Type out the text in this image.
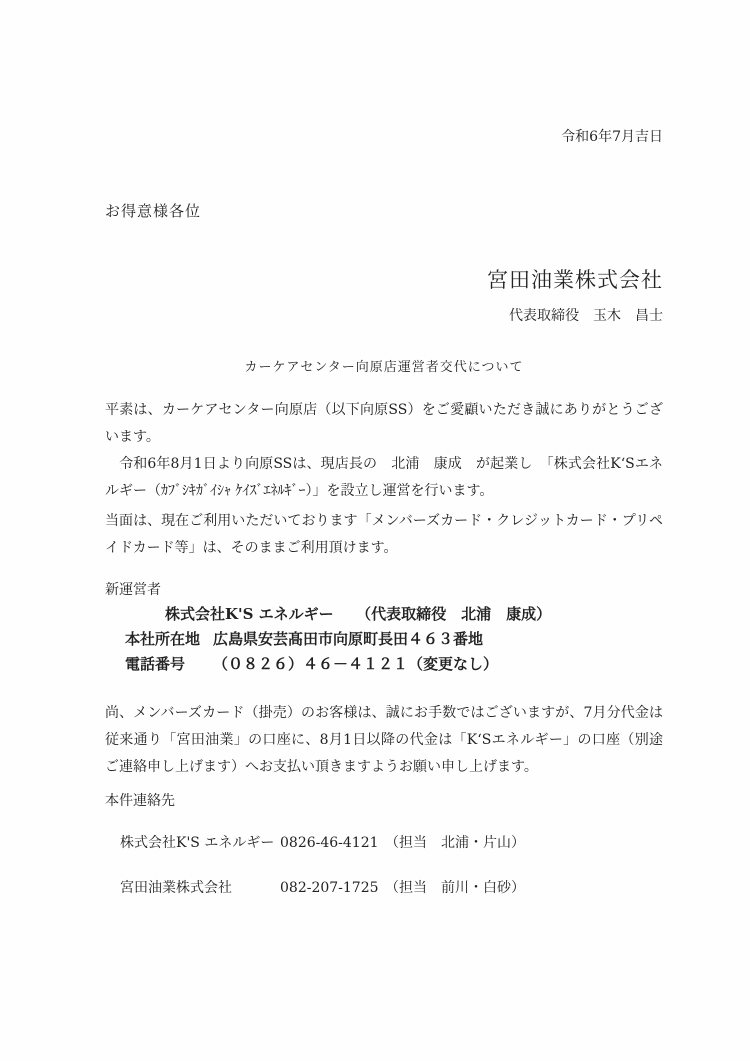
令和6年7月吉日
お得意様各位
宮田油業株式会社
代表取締役　玉木　昌士
カーケアセンター向原店運営者交代について

平素は、カーケアセンター向原店（以下向原SS）をご愛顧いただき誠にありがとうございます。

　令和6年8月1日より向原SSは、現店長の　北浦　康成　が起業し　「株式会社K‘Sエネルギー（ｶﾌﾞｼｷｶﾞｲｼｬ ｹｲｽﾞｴﾈﾙｷﾞｰ）」を設立し運営を行います。

当面は、現在ご利用いただいております「メンバーズカード・クレジットカード・プリペイドカード等」は、そのままご利用頂けます。

新運営者
株式会社K'S エネルギー　　（代表取締役　北浦　康成）
本社所在地 広島県安芸髙田市向原町長田４６３番地
電話番号 （０８２６）４６－４１２１（変更なし）

尚、メンバーズカード（掛売）のお客様は、誠にお手数ではございますが、7月分代金は従来通り「宮田油業」の口座に、8月1日以降の代金は「K‘Sエネルギー」の口座（別途ご連絡申し上げます）へお支払い頂きますようお願い申し上げます。

本件連絡先
株式会社K'S エネルギー 0826-46-4121 （担当　北浦・片山）
宮田油業株式会社	082-207-1725 （担当　前川・白砂）
